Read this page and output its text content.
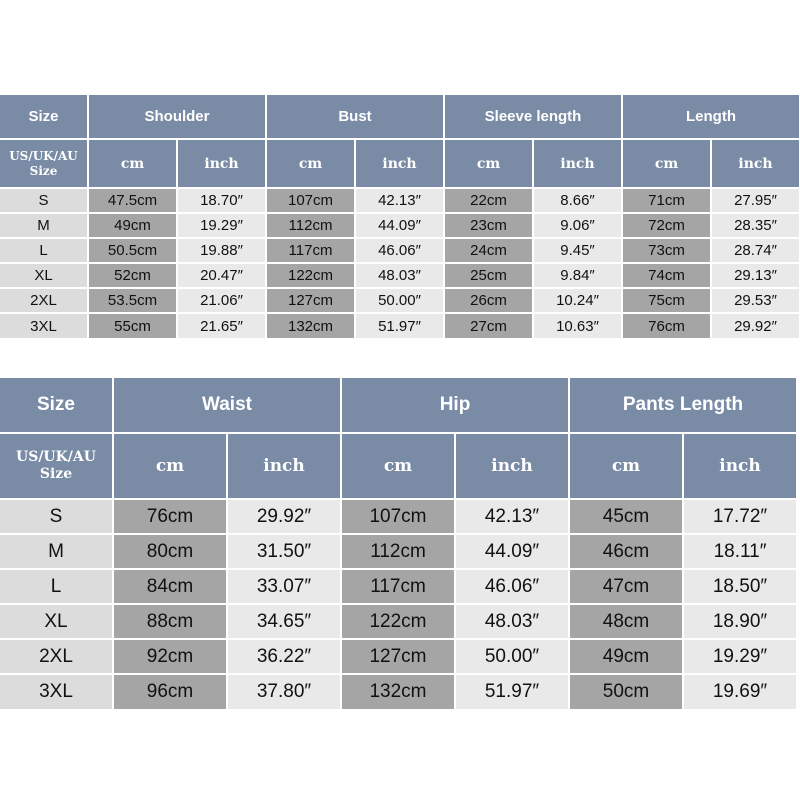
Size	Shoulder	Bust	Sleeve length	Length
US/UK/AU
Size	cm	inch	cm	inch	cm	inch	cm	inch
S	47.5cm	18.70″	107cm	42.13″	22cm	8.66″	71cm	27.95″
M	49cm	19.29″	112cm	44.09″	23cm	9.06″	72cm	28.35″
L	50.5cm	19.88″	117cm	46.06″	24cm	9.45″	73cm	28.74″
XL	52cm	20.47″	122cm	48.03″	25cm	9.84″	74cm	29.13″
2XL	53.5cm	21.06″	127cm	50.00″	26cm	10.24″	75cm	29.53″
3XL	55cm	21.65″	132cm	51.97″	27cm	10.63″	76cm	29.92″
Size	Waist	Hip	Pants Length
US/UK/AU
Size	cm	inch	cm	inch	cm	inch
S	76cm	29.92″	107cm	42.13″	45cm	17.72″
M	80cm	31.50″	112cm	44.09″	46cm	18.11″
L	84cm	33.07″	117cm	46.06″	47cm	18.50″
XL	88cm	34.65″	122cm	48.03″	48cm	18.90″
2XL	92cm	36.22″	127cm	50.00″	49cm	19.29″
3XL	96cm	37.80″	132cm	51.97″	50cm	19.69″
